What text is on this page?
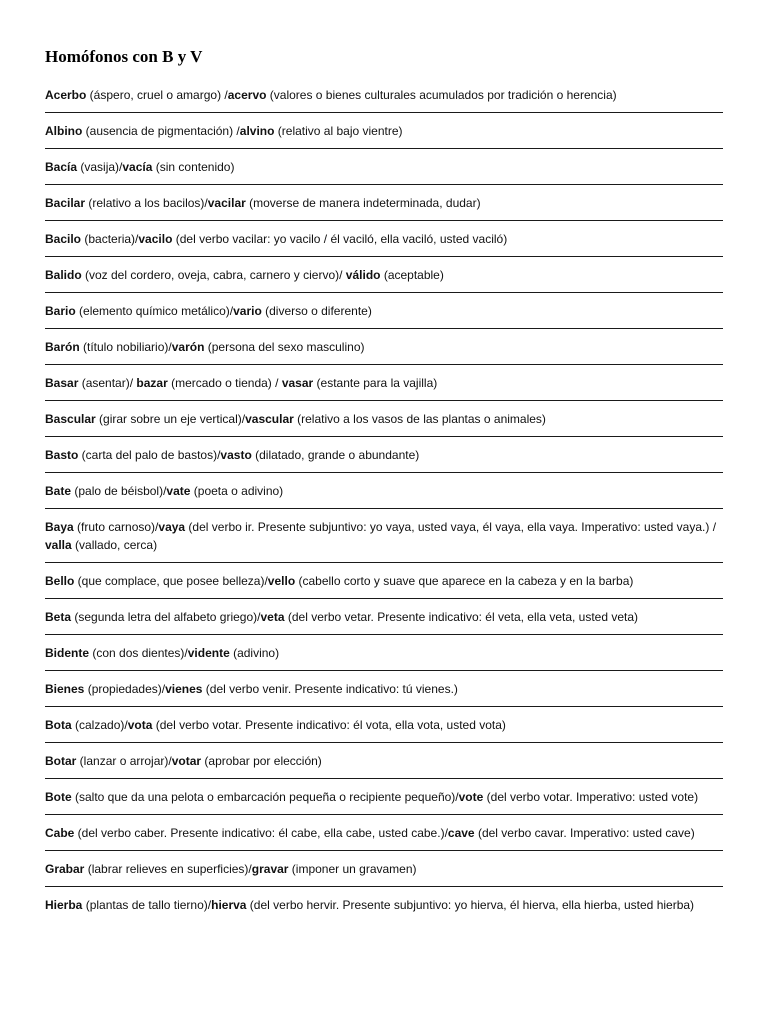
Homófonos con B y V
Acerbo (áspero, cruel o amargo) /acervo (valores o bienes culturales acumulados por tradición o herencia)
Albino (ausencia de pigmentación) /alvino (relativo al bajo vientre)
Bacía (vasija)/vacía (sin contenido)
Bacilar (relativo a los bacilos)/vacilar (moverse de manera indeterminada, dudar)
Bacilo (bacteria)/vacilo (del verbo vacilar: yo vacilo / él vaciló, ella vaciló, usted vaciló)
Balido (voz del cordero, oveja, cabra, carnero y ciervo)/ válido (aceptable)
Bario (elemento químico metálico)/vario (diverso o diferente)
Barón (título nobiliario)/varón (persona del sexo masculino)
Basar (asentar)/ bazar (mercado o tienda) / vasar (estante para la vajilla)
Bascular (girar sobre un eje vertical)/vascular (relativo a los vasos de las plantas o animales)
Basto (carta del palo de bastos)/vasto (dilatado, grande o abundante)
Bate (palo de béisbol)/vate (poeta o adivino)
Baya (fruto carnoso)/vaya (del verbo ir. Presente subjuntivo: yo vaya, usted vaya, él vaya, ella vaya. Imperativo: usted vaya.) / valla (vallado, cerca)
Bello (que complace, que posee belleza)/vello (cabello corto y suave que aparece en la cabeza y en la barba)
Beta (segunda letra del alfabeto griego)/veta (del verbo vetar. Presente indicativo: él veta, ella veta, usted veta)
Bidente (con dos dientes)/vidente (adivino)
Bienes (propiedades)/vienes (del verbo venir. Presente indicativo: tú vienes.)
Bota (calzado)/vota (del verbo votar. Presente indicativo: él vota, ella vota, usted vota)
Botar (lanzar o arrojar)/votar (aprobar por elección)
Bote (salto que da una pelota o embarcación pequeña o recipiente pequeño)/vote (del verbo votar. Imperativo: usted vote)
Cabe (del verbo caber. Presente indicativo: él cabe, ella cabe, usted cabe.)/cave (del verbo cavar. Imperativo: usted cave)
Grabar (labrar relieves en superficies)/gravar (imponer un gravamen)
Hierba (plantas de tallo tierno)/hierva (del verbo hervir. Presente subjuntivo: yo hierva, él hierva, ella hierba, usted hierba)
